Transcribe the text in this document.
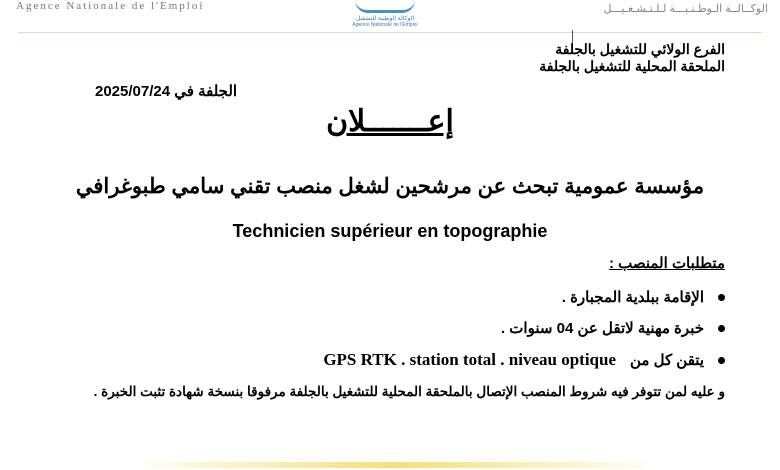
Agence Nationale de l'Emploi
الوكالة الوطنية للتشغيل
Agence Nationale de l'Emploi
الوكــالــة الـوطـنـيـــة لـلـتـشـغـيـــل
الفرع الولائي للتشغيل بالجلفة
الملحقة المحلية للتشغيل بالجلفة
الجلفة في 2025/07/24
إعـــــــلان
مؤسسة عمومية تبحث عن مرشحين لشغل منصب تقني سامي طبوغرافي
Technicien supérieur en topographie
متطلبات المنصب :
الإقامة ببلدية المجبارة .
خبرة مهنية لاتقل عن 04 سنوات .
يتقن كل من
GPS RTK . station total . niveau optique
و عليه لمن تتوفر فيه شروط المنصب الإتصال بالملحقة المحلية للتشغيل بالجلفة مرفوقا بنسخة شهادة تثبت الخبرة .
